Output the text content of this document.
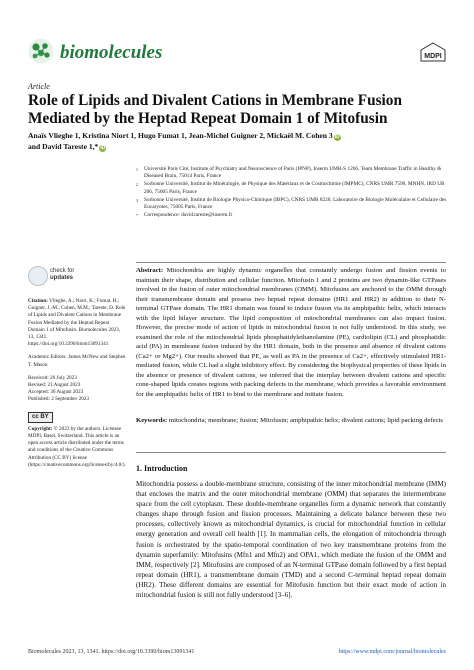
biomolecules	MDPI
Article
Role of Lipids and Divalent Cations in Membrane Fusion Mediated by the Heptad Repeat Domain 1 of Mitofusin
Anaïs Vlieghe 1, Kristina Niort 1, Hugo Fumat 1, Jean-Michel Guigner 2, Mickaël M. Cohen 3 iD
and David Tareste 1,* iD
1 Université Paris Cité, Institute of Psychiatry and Neuroscience of Paris (IPNP), Inserm UMR-S 1266, Team Membrane Traffic in Healthy & Diseased Brain, 75014 Paris, France
2 Sorbonne Université, Institut de Minéralogie, de Physique des Matériaux et de Cosmochimie (IMPMC), CNRS UMR 7590, MNHN, IRD UR 206, 75005 Paris, France
3 Sorbonne Université, Institut de Biologie Physico-Chimique (IBPC), CNRS UMR 8226, Laboratoire de Biologie Moléculaire et Cellulaire des Eucaryotes, 75005 Paris, France
* Correspondence: david.tareste@inserm.fr
check for
updates
Citation: Vlieghe, A.; Niort, K.; Fumat, H.; Guigner, J.-M.; Cohen, M.M.; Tareste, D. Role of Lipids and Divalent Cations in Membrane Fusion Mediated by the Heptad Repeat Domain 1 of Mitofusin. Biomolecules 2023, 13, 1341. https://doi.org/10.3390/biom13091341
Academic Editors: James McNew and Stephen T. Mason
Received: 26 July 2023
Revised: 21 August 2023
Accepted: 30 August 2023
Published: 2 September 2023
cc BY
Copyright: © 2023 by the authors. Licensee MDPI, Basel, Switzerland. This article is an open access article distributed under the terms and conditions of the Creative Commons Attribution (CC BY) license (https://creativecommons.org/licenses/by/4.0/).
Abstract: Mitochondria are highly dynamic organelles that constantly undergo fusion and fission events to maintain their shape, distribution and cellular function. Mitofusin 1 and 2 proteins are two dynamin-like GTPases involved in the fusion of outer mitochondrial membranes (OMM). Mitofusins are anchored to the OMM through their transmembrane domain and possess two heptad repeat domains (HR1 and HR2) in addition to their N-terminal GTPase domain. The HR1 domain was found to induce fusion via its amphipathic helix, which interacts with the lipid bilayer structure. The lipid composition of mitochondrial membranes can also impact fusion. However, the precise mode of action of lipids in mitochondrial fusion is not fully understood. In this study, we examined the role of the mitochondrial lipids phosphatidylethanolamine (PE), cardiolipin (CL) and phosphatidic acid (PA) in membrane fusion induced by the HR1 domain, both in the presence and absence of divalent cations (Ca2+ or Mg2+). Our results showed that PE, as well as PA in the presence of Ca2+, effectively stimulated HR1-mediated fusion, while CL had a slight inhibitory effect. By considering the biophysical properties of these lipids in the absence or presence of divalent cations, we inferred that the interplay between divalent cations and specific cone-shaped lipids creates regions with packing defects in the membrane, which provides a favorable environment for the amphipathic helix of HR1 to bind to the membrane and initiate fusion.
Keywords: mitochondria; membrane; fusion; Mitofusin; amphipathic helix; divalent cations; lipid packing defects
1. Introduction
Mitochondria possess a double-membrane structure, consisting of the inner mitochondrial membrane (IMM) that encloses the matrix and the outer mitochondrial membrane (OMM) that separates the intermembrane space from the cell cytoplasm. These double-membrane organelles form a dynamic network that constantly changes shape through fusion and fission processes. Maintaining a delicate balance between these two processes, collectively known as mitochondrial dynamics, is crucial for mitochondrial function in cellular energy generation and overall cell health [1]. In mammalian cells, the elongation of mitochondria through fusion is orchestrated by the spatio-temporal coordination of two key transmembrane proteins from the dynamin superfamily: Mitofusins (Mfn1 and Mfn2) and OPA1, which mediate the fusion of the OMM and IMM, respectively [2]. Mitofusins are composed of an N-terminal GTPase domain followed by a first heptad repeat domain (HR1), a transmembrane domain (TMD) and a second C-terminal heptad repeat domain (HR2). These different domains are essential for Mitofusin function but their exact mode of action in mitochondrial fusion is still not fully understood [3–6].
Biomolecules 2023, 13, 1341. https://doi.org/10.3390/biom13091341	https://www.mdpi.com/journal/biomolecules
